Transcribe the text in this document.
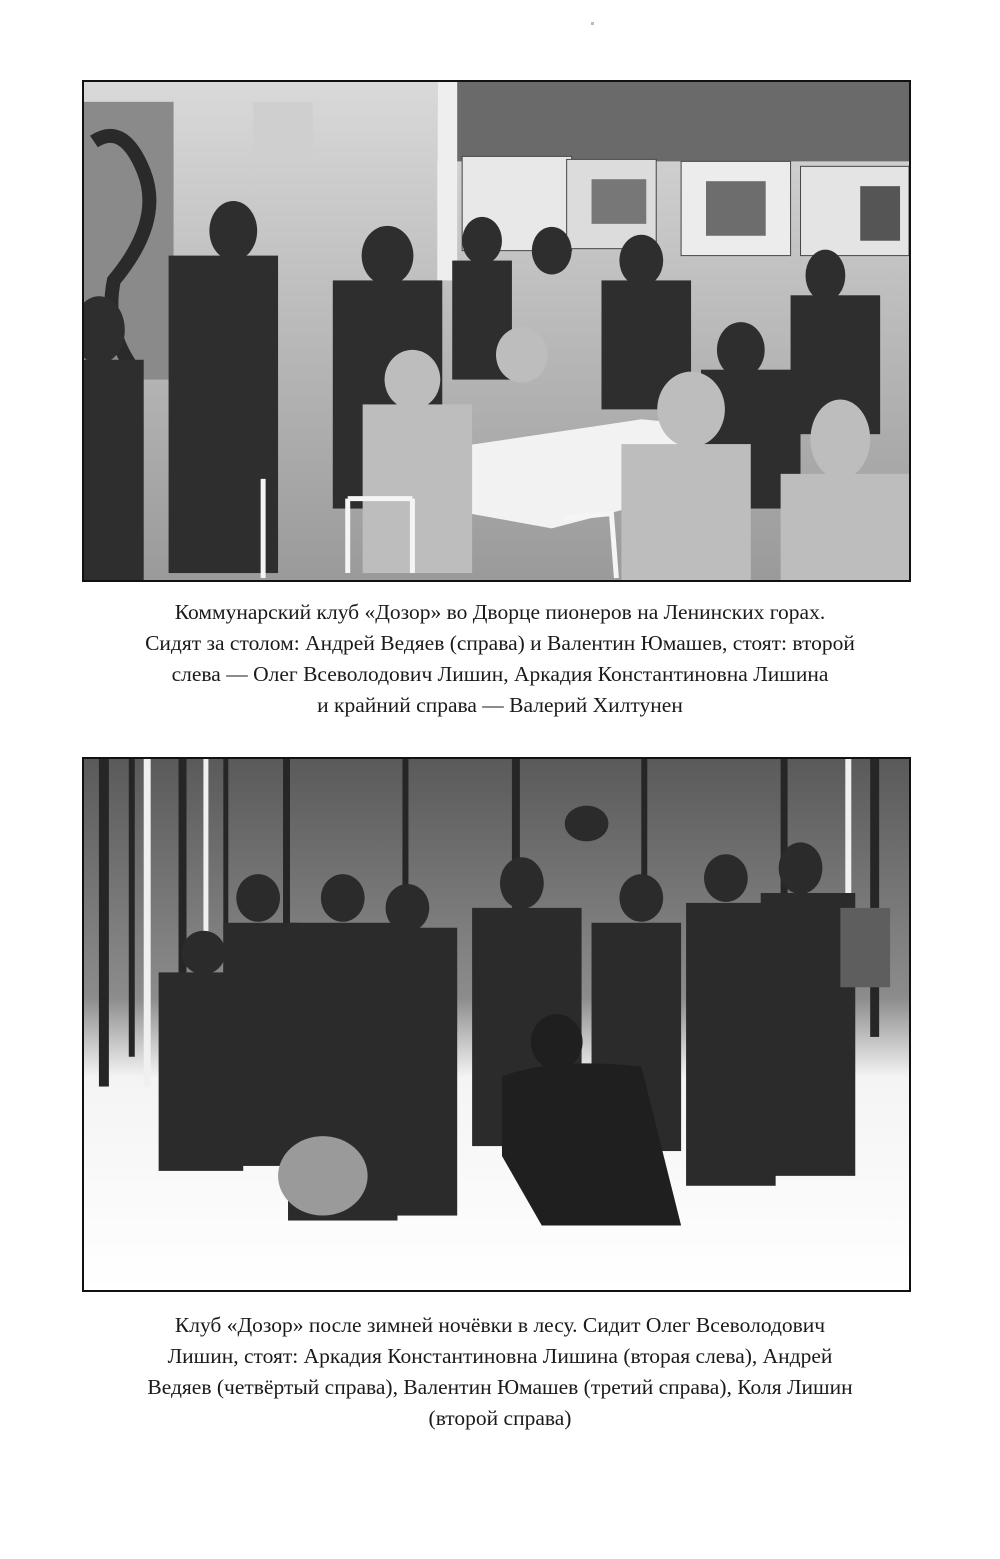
Коммунарский клуб «Дозор» во Дворце пионеров на Ленинских горах.
Сидят за столом: Андрей Ведяев (справа) и Валентин Юмашев, стоят: второй
слева — Олег Всеволодович Лишин, Аркадия Константиновна Лишина
и крайний справа — Валерий Хилтунен

Клуб «Дозор» после зимней ночёвки в лесу. Сидит Олег Всеволодович
Лишин, стоят: Аркадия Константиновна Лишина (вторая слева), Андрей
Ведяев (четвёртый справа), Валентин Юмашев (третий справа), Коля Лишин
(второй справа)
